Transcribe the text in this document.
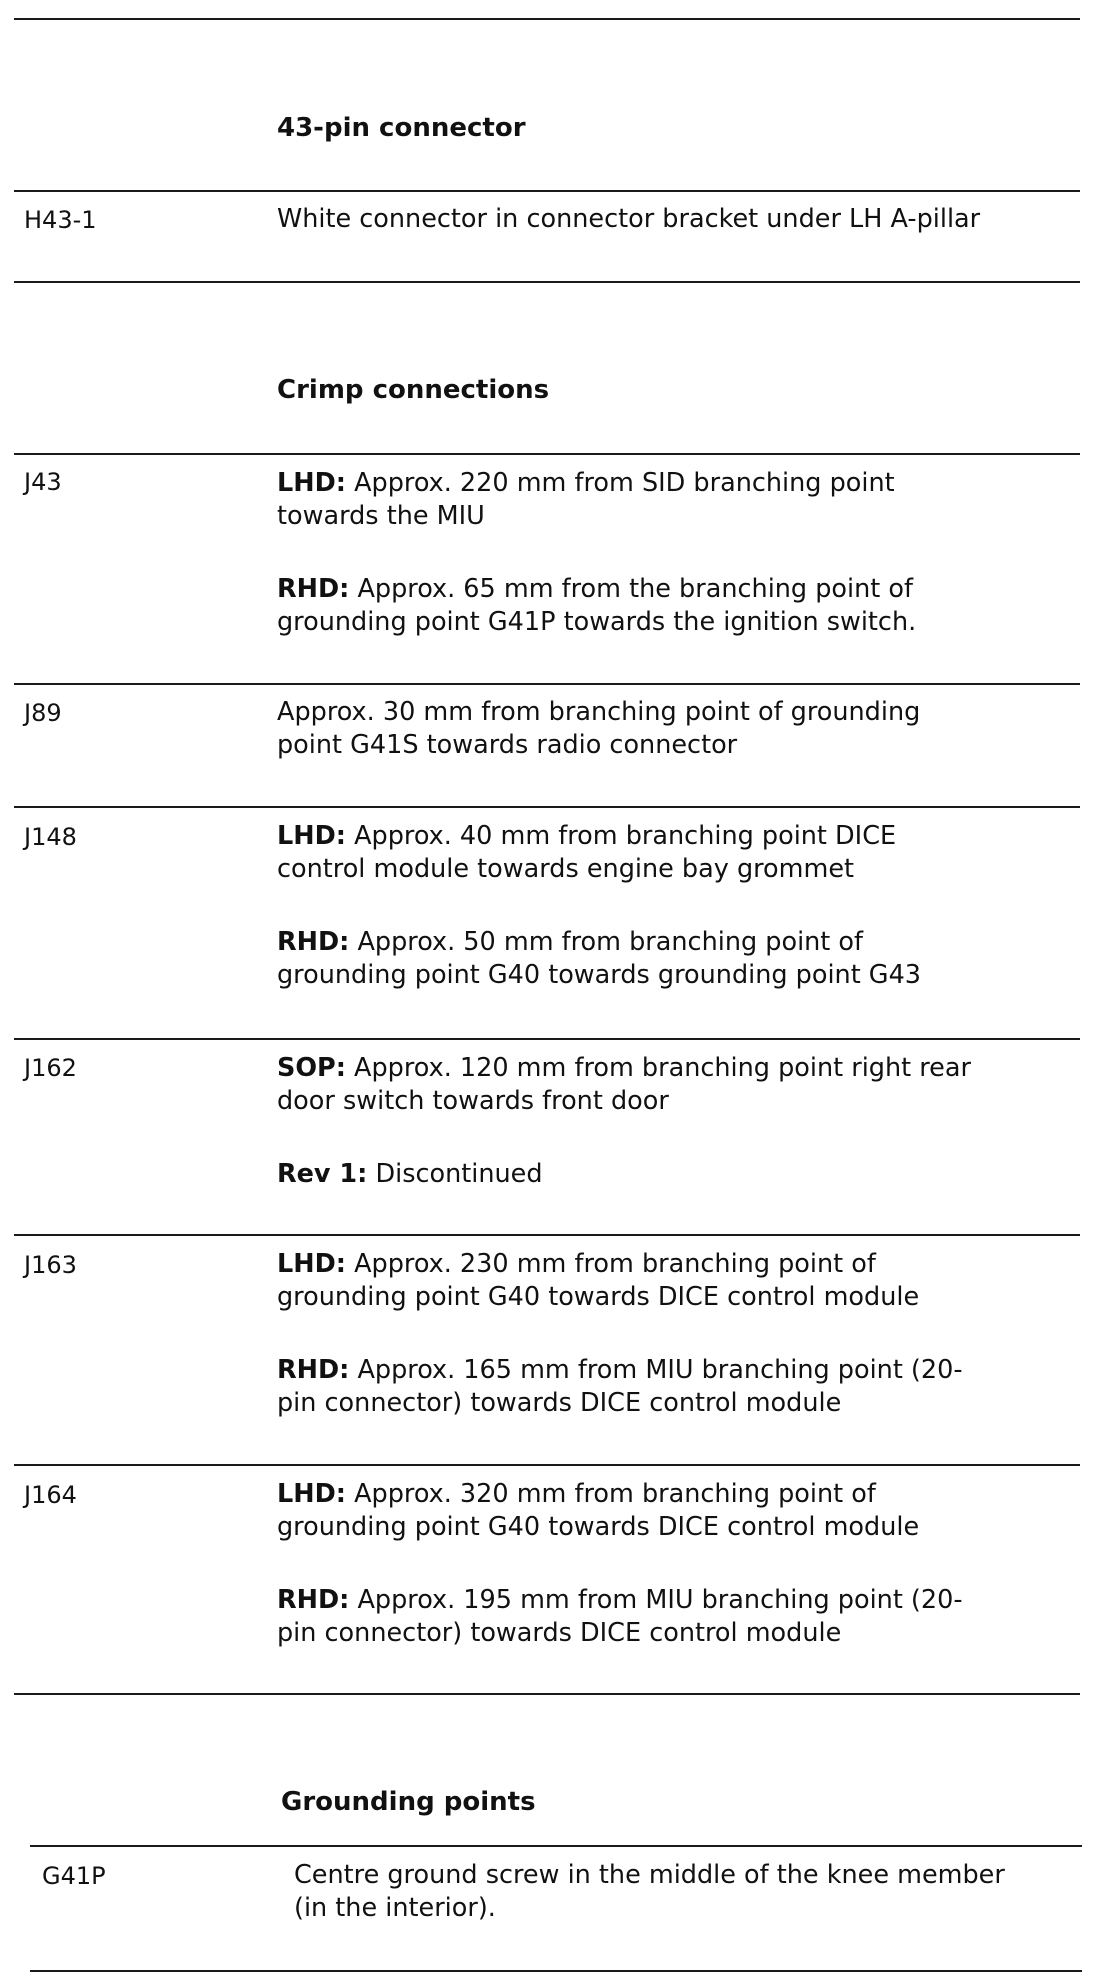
43-pin connector
Crimp connections
Grounding points
H43-1	White connector in connector bracket under LH A-pillar
J43	LHD: Approx. 220 mm from SID branching point
towards the MIU
RHD: Approx. 65 mm from the branching point of
grounding point G41P towards the ignition switch.
J89	Approx. 30 mm from branching point of grounding
point G41S towards radio connector
J148	LHD: Approx. 40 mm from branching point DICE
control module towards engine bay grommet
RHD: Approx. 50 mm from branching point of
grounding point G40 towards grounding point G43
J162	SOP: Approx. 120 mm from branching point right rear
door switch towards front door
Rev 1: Discontinued
J163	LHD: Approx. 230 mm from branching point of
grounding point G40 towards DICE control module
RHD: Approx. 165 mm from MIU branching point (20-
pin connector) towards DICE control module
J164	LHD: Approx. 320 mm from branching point of
grounding point G40 towards DICE control module
RHD: Approx. 195 mm from MIU branching point (20-
pin connector) towards DICE control module
G41P	Centre ground screw in the middle of the knee member
(in the interior).
